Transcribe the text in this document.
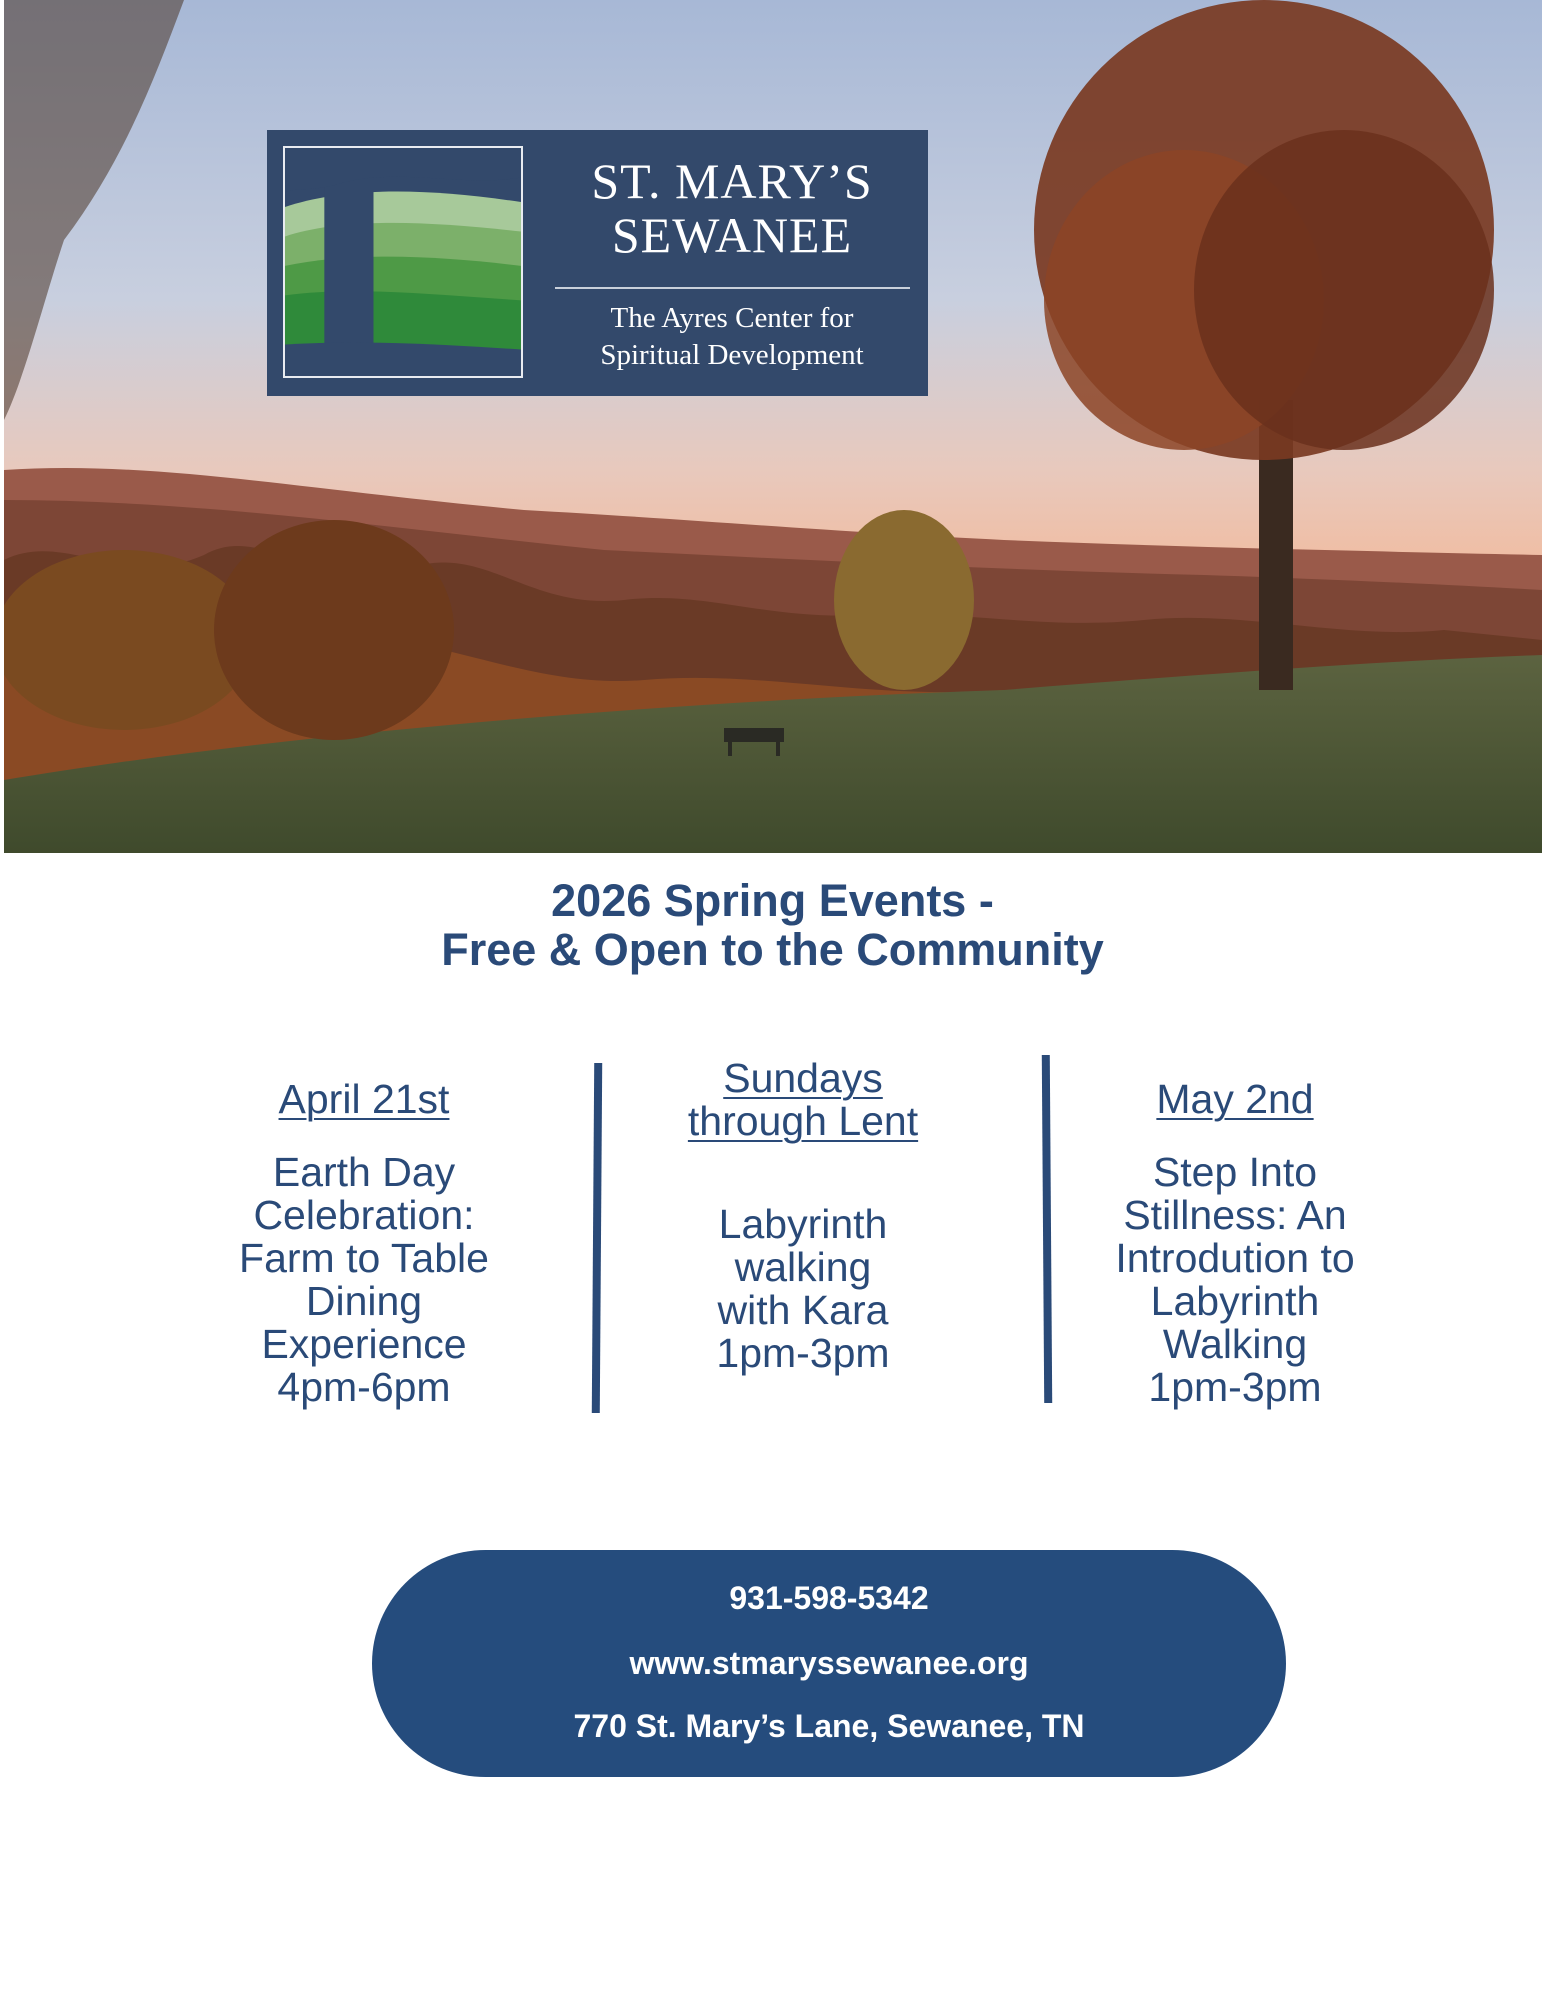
ST. MARY’S
SEWANEE
The Ayres Center for
Spiritual Development
2026 Spring Events -
Free & Open to the Community
April 21st
Earth Day
Celebration:
Farm to Table
Dining
Experience
4pm-6pm
Sundays
through Lent
Labyrinth
walking
with Kara
1pm-3pm
May 2nd
Step Into
Stillness: An
Introdution to
Labyrinth
Walking
1pm-3pm
931-598-5342
www.stmaryssewanee.org
770 St. Mary’s Lane, Sewanee, TN
